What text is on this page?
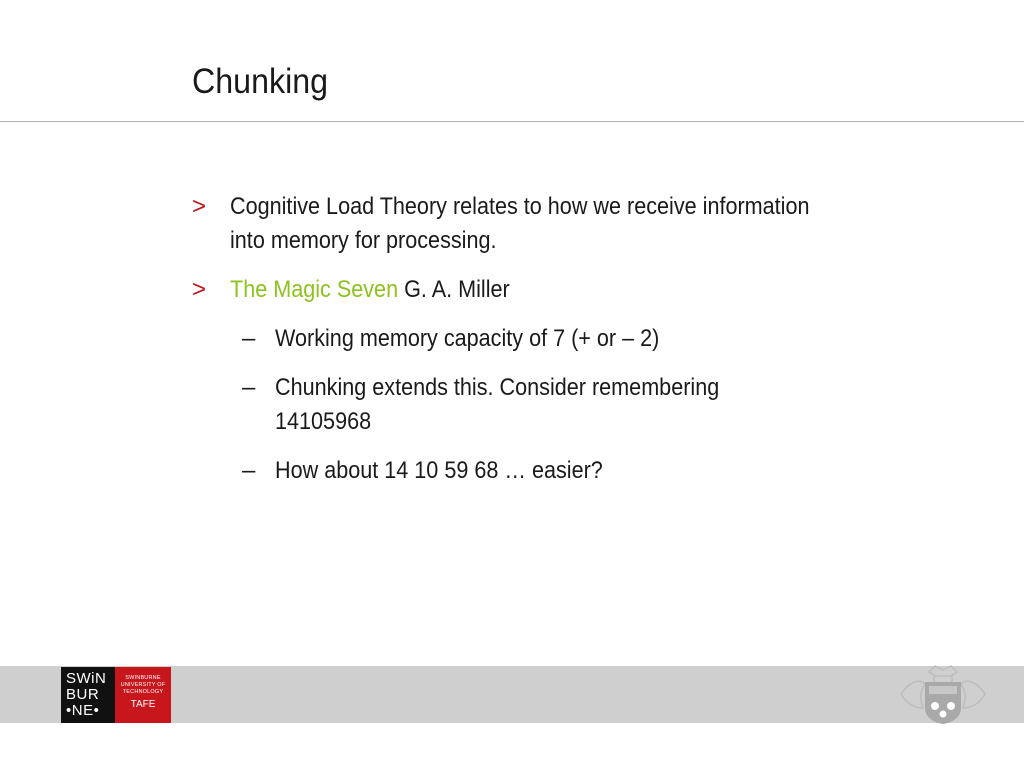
Chunking
> Cognitive Load Theory relates to how we receive information
into memory for processing.
> The Magic Seven G. A. Miller
– Working memory capacity of 7 (+ or – 2)
– Chunking extends this. Consider remembering 14105968
– How about 14 10 59 68 … easier?
SWiN
BUR
•NE•
SWINBURNE
UNIVERSITY OF
TECHNOLOGY
TAFE
